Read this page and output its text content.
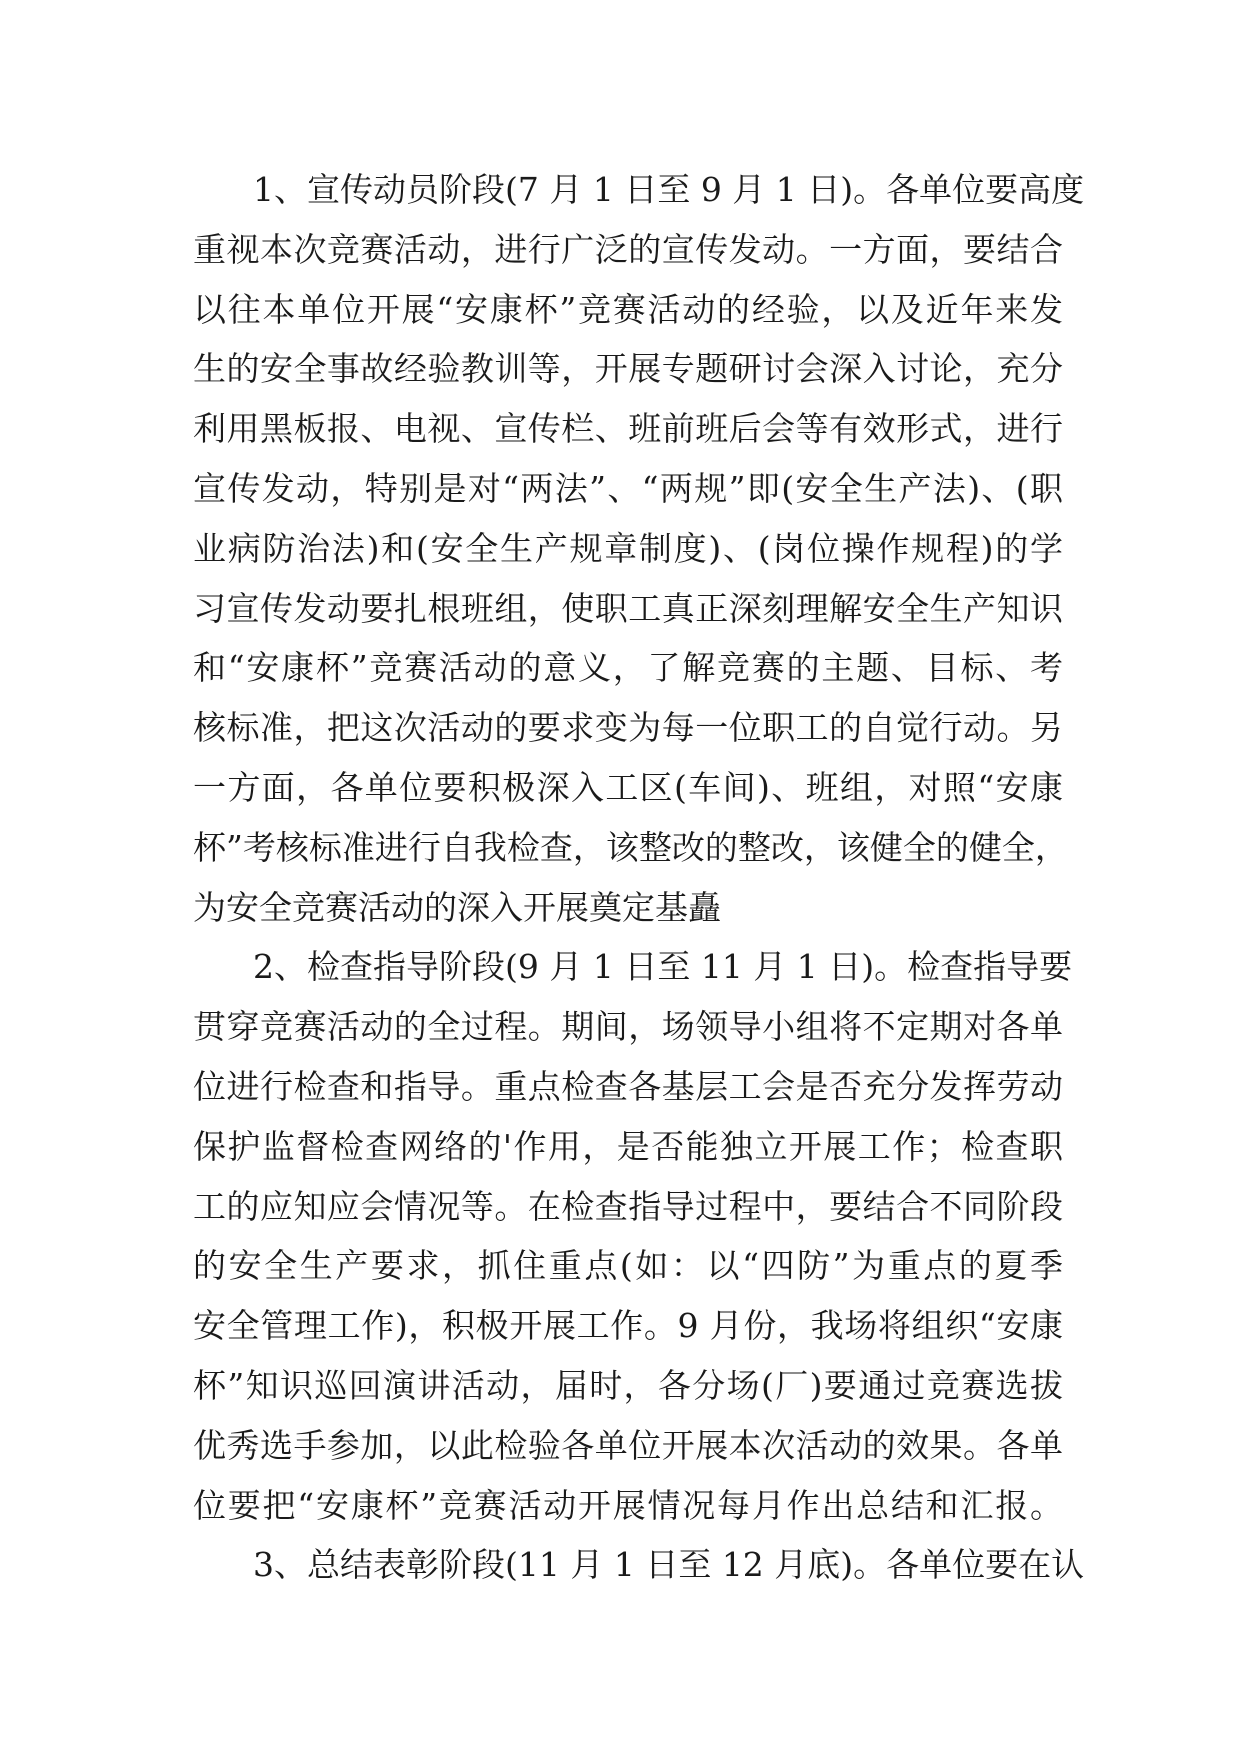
1、宣传动员阶段(7 月 1 日至 9 月 1 日)。各单位要高度
重视本次竞赛活动，进行广泛的宣传发动。一方面，要结合
以往本单位开展“安康杯”竞赛活动的经验，以及近年来发
生的安全事故经验教训等，开展专题研讨会深入讨论，充分
利用黑板报、电视、宣传栏、班前班后会等有效形式，进行
宣传发动，特别是对“两法”、“两规”即(安全生产法)、(职
业病防治法)和(安全生产规章制度)、(岗位操作规程)的学
习宣传发动要扎根班组，使职工真正深刻理解安全生产知识
和“安康杯”竞赛活动的意义，了解竞赛的主题、目标、考
核标准，把这次活动的要求变为每一位职工的自觉行动。另
一方面，各单位要积极深入工区(车间)、班组，对照“安康
杯”考核标准进行自我检查，该整改的整改，该健全的健全，
为安全竞赛活动的深入开展奠定基矗
2、检查指导阶段(9 月 1 日至 11 月 1 日)。检查指导要
贯穿竞赛活动的全过程。期间，场领导小组将不定期对各单
位进行检查和指导。重点检查各基层工会是否充分发挥劳动
保护监督检查网络的'作用，是否能独立开展工作；检查职
工的应知应会情况等。在检查指导过程中，要结合不同阶段
的安全生产要求，抓住重点(如：以“四防”为重点的夏季
安全管理工作)，积极开展工作。9 月份，我场将组织“安康
杯”知识巡回演讲活动，届时，各分场(厂)要通过竞赛选拔
优秀选手参加，以此检验各单位开展本次活动的效果。各单
位要把“安康杯”竞赛活动开展情况每月作出总结和汇报。
3、总结表彰阶段(11 月 1 日至 12 月底)。各单位要在认
